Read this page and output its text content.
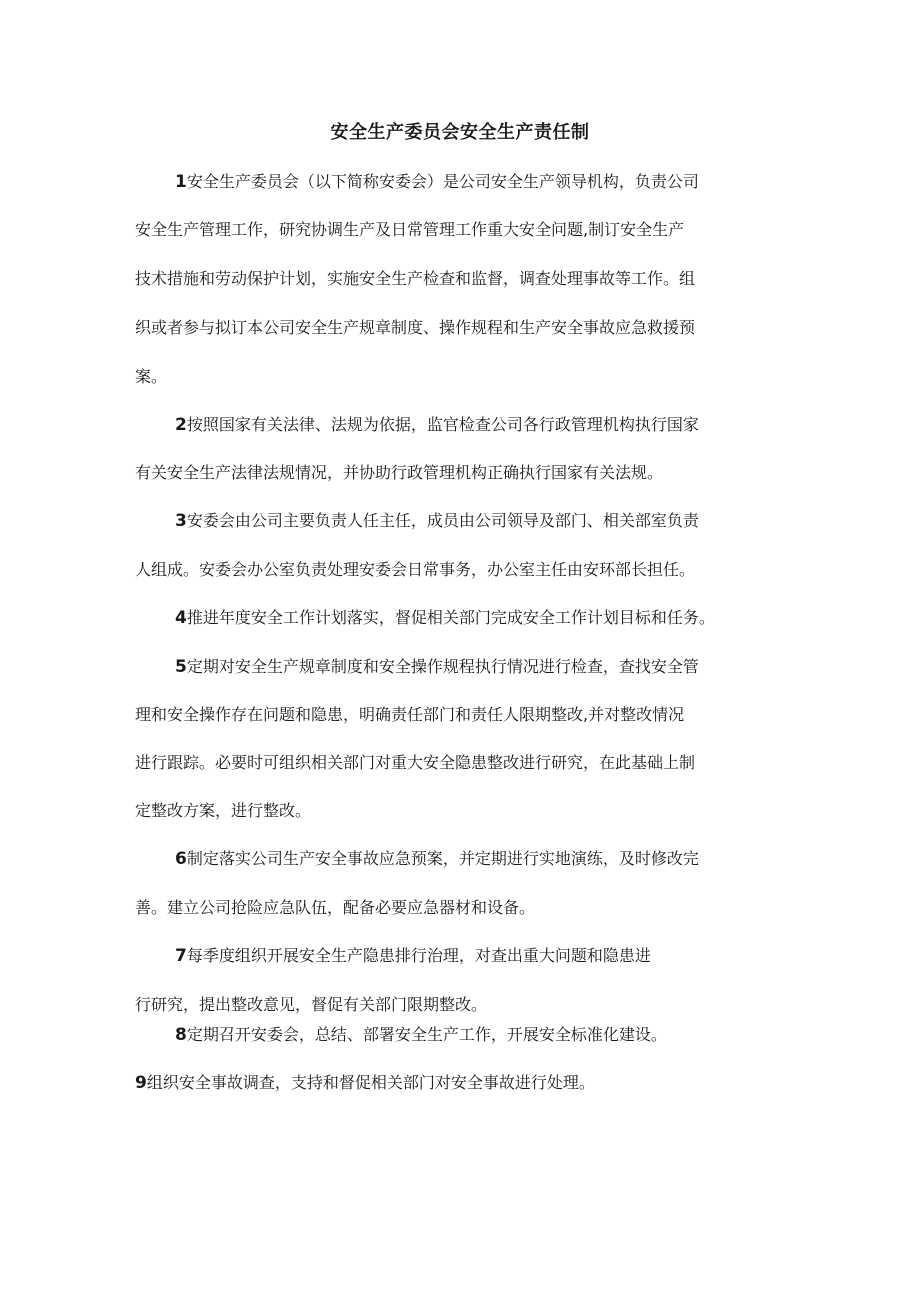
安全生产委员会安全生产责任制
1安全生产委员会（以下简称安委会）是公司安全生产领导机构，负责公司
安全生产管理工作，研究协调生产及日常管理工作重大安全问题,制订安全生产
技术措施和劳动保护计划，实施安全生产检查和监督，调查处理事故等工作。组
织或者参与拟订本公司安全生产规章制度、操作规程和生产安全事故应急救援预
案。
2按照国家有关法律、法规为依据，监官检查公司各行政管理机构执行国家
有关安全生产法律法规情况，并协助行政管理机构正确执行国家有关法规。
3安委会由公司主要负责人任主任，成员由公司领导及部门、相关部室负责
人组成。安委会办公室负责处理安委会日常事务，办公室主任由安环部长担任。
4推进年度安全工作计划落实，督促相关部门完成安全工作计划目标和任务。
5定期对安全生产规章制度和安全操作规程执行情况进行检查，查找安全管
理和安全操作存在问题和隐患，明确责任部门和责任人限期整改,并对整改情况
进行跟踪。必要时可组织相关部门对重大安全隐患整改进行研究，在此基础上制
定整改方案，进行整改。
6制定落实公司生产安全事故应急预案，并定期进行实地演练，及时修改完
善。建立公司抢险应急队伍，配备必要应急器材和设备。
7每季度组织开展安全生产隐患排行治理，对查出重大问题和隐患进
行研究，提出整改意见，督促有关部门限期整改。
8定期召开安委会，总结、部署安全生产工作，开展安全标准化建设。
9组织安全事故调查，支持和督促相关部门对安全事故进行处理。
